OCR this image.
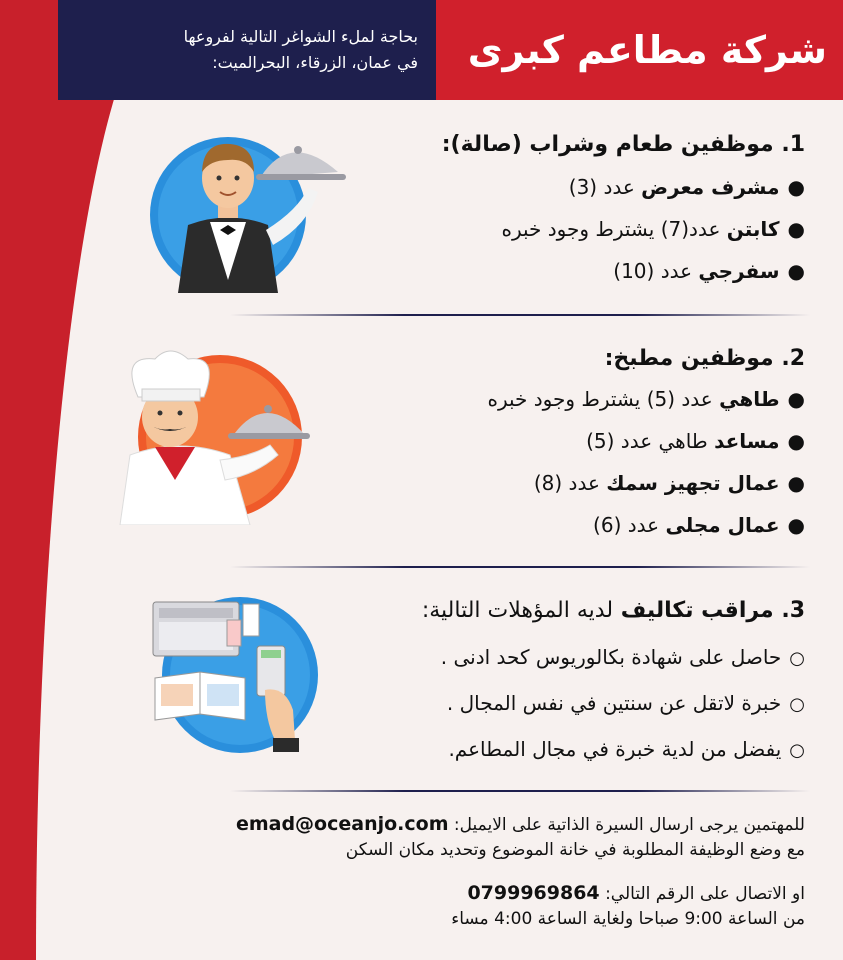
بحاجة لملء الشواغر التالية لفروعها
في عمان، الزرقاء، البحرالميت: شركة مطاعم كبرى
1. موظفين طعام وشراب (صالة):
●مشرف معرض عدد (3)
●كابتن عدد(7) يشترط وجود خبره
●سفرجي عدد (10)
2. موظفين مطبخ:
●طاهي عدد (5) يشترط وجود خبره
●مساعد طاهي عدد (5)
●عمال تجهيز سمك عدد (8)
●عمال مجلى عدد (6)
3. مراقب تكاليف لديه المؤهلات التالية:
○حاصل على شهادة بكالوريوس كحد ادنى .
○خبرة لاتقل عن سنتين في نفس المجال .
○يفضل من لدية خبرة في مجال المطاعم.
للمهتمين يرجى ارسال السيرة الذاتية على الايميل: emad@oceanjo.com
مع وضع الوظيفة المطلوبة في خانة الموضوع وتحديد مكان السكن
او الاتصال على الرقم التالي: 0799969864
من الساعة 9:00 صباحا ولغاية الساعة 4:00 مساء
